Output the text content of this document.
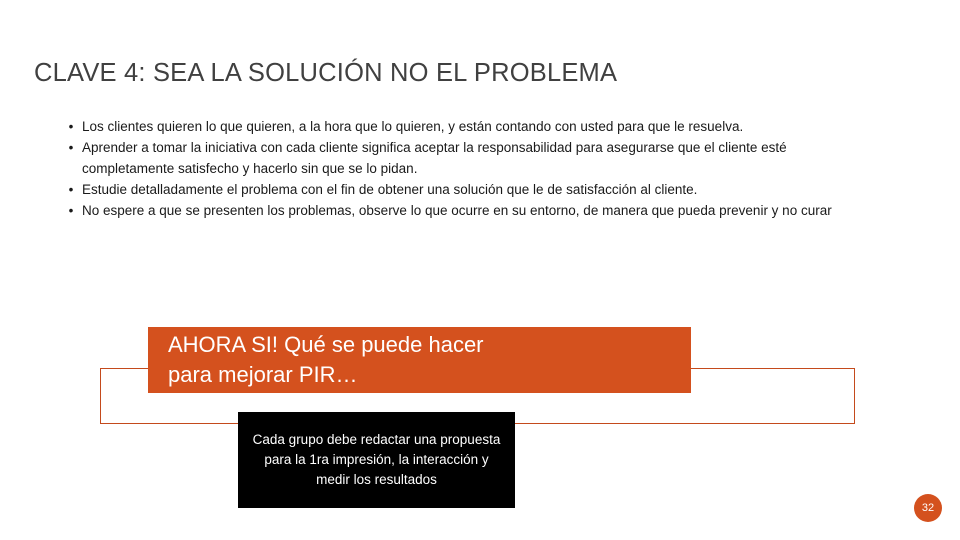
CLAVE 4: SEA LA SOLUCIÓN NO EL PROBLEMA
• Los clientes quieren lo que quieren, a la hora que lo quieren, y están contando con usted para que le resuelva.
• Aprender a tomar la iniciativa con cada cliente significa aceptar la responsabilidad para asegurarse que el cliente esté completamente satisfecho y hacerlo sin que se lo pidan.
• Estudie detalladamente el problema con el fin de obtener una solución que le de satisfacción al cliente.
• No espere a que se presenten los problemas, observe lo que ocurre en su entorno, de manera que pueda prevenir y no curar
AHORA SI! Qué se puede hacer
para mejorar PIR…
Cada grupo debe redactar una propuesta para la 1ra impresión, la interacción y medir los resultados
32
